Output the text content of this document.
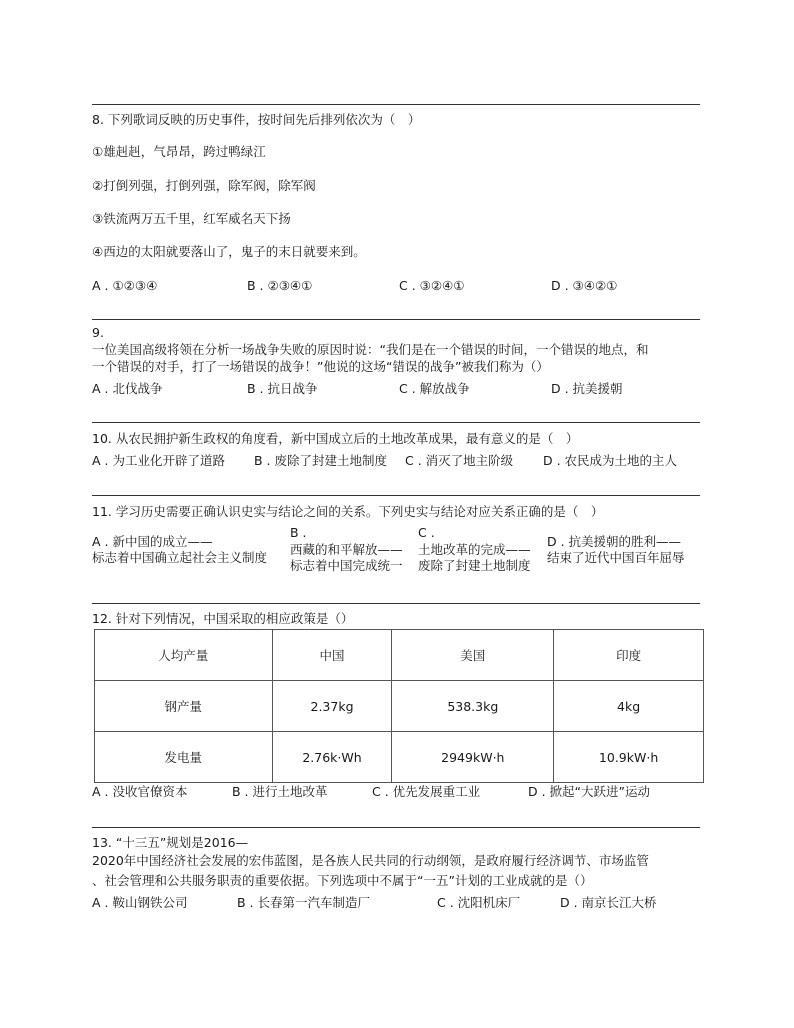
8. 下列歌词反映的历史事件，按时间先后排列依次为（　）
①雄赳赳，气昂昂，跨过鸭绿江
②打倒列强，打倒列强，除军阀，除军阀
③铁流两万五千里，红军威名天下扬
④西边的太阳就要落山了，鬼子的末日就要来到。
A . ①②③④	B . ②③④①	C . ③②④①	D . ③④②①
9.
一位美国高级将领在分析一场战争失败的原因时说：“我们是在一个错误的时间，一个错误的地点，和
一个错误的对手，打了一场错误的战争！”他说的这场“错误的战争”被我们称为（）
A . 北伐战争	B . 抗日战争	C . 解放战争	D . 抗美援朝
10. 从农民拥护新生政权的角度看，新中国成立后的土地改革成果，最有意义的是（　）
A . 为工业化开辟了道路 B . 废除了封建土地制度 C . 消灭了地主阶级 D . 农民成为土地的主人
11. 学习历史需要正确认识史实与结论之间的关系。下列史实与结论对应关系正确的是（　）
A . 新中国的成立——
标志着中国确立起社会主义制度
B .
西藏的和平解放——
标志着中国完成统一
C .
土地改革的完成——
废除了封建土地制度
D . 抗美援朝的胜利——
结束了近代中国百年屈辱
12. 针对下列情况，中国采取的相应政策是（）
人均产量	中国	美国	印度
钢产量	2.37kg	538.3kg	4kg
发电量	2.76k·Wh	2949kW·h	10.9kW·h
A . 没收官僚资本	B . 进行土地改革	C . 优先发展重工业	D . 掀起“大跃进”运动
13. “十三五”规划是2016—
2020年中国经济社会发展的宏伟蓝图，是各族人民共同的行动纲领，是政府履行经济调节、市场监管
、社会管理和公共服务职责的重要依据。下列选项中不属于“一五”计划的工业成就的是（）
A . 鞍山钢铁公司	B . 长春第一汽车制造厂	C . 沈阳机床厂	D . 南京长江大桥
